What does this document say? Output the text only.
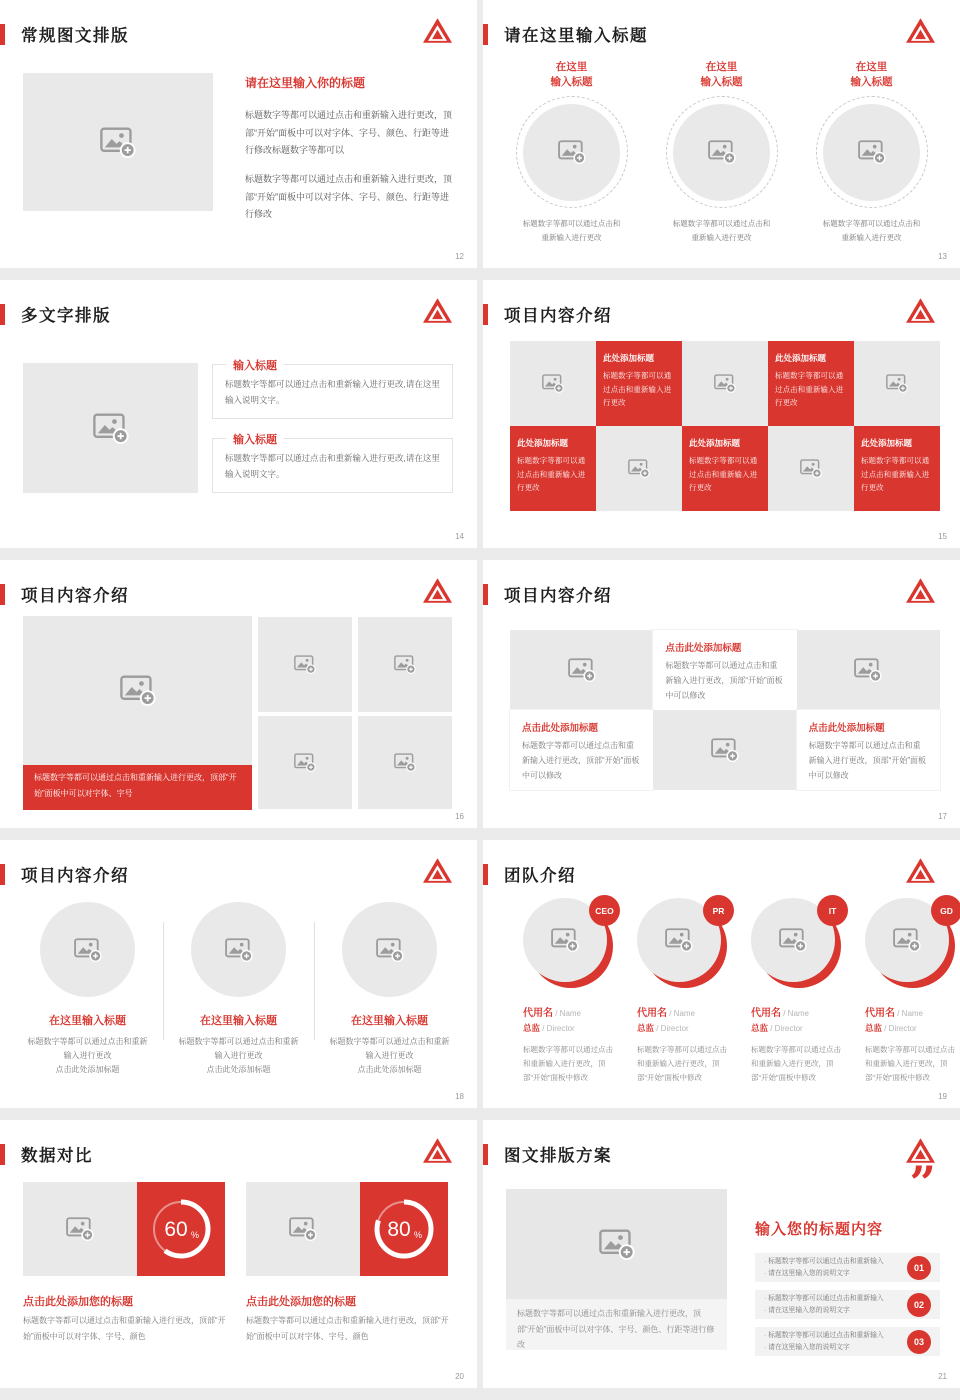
常规图文排版

请在这里输入你的标题

标题数字等都可以通过点击和重新输入进行更改，顶部“开始”面板中可以对字体、字号、颜色、行距等进行修改标题数字等都可以

标题数字等都可以通过点击和重新输入进行更改，顶部“开始”面板中可以对字体、字号、颜色、行距等进行修改

12
请在这里输入标题
在这里
输入标题
标题数字等都可以通过点击和重新输入进行更改
在这里
输入标题
标题数字等都可以通过点击和重新输入进行更改
在这里
输入标题
标题数字等都可以通过点击和重新输入进行更改
13
多文字排版
输入标题
标题数字等都可以通过点击和重新输入进行更改,请在这里输入说明文字。
输入标题
标题数字等都可以通过点击和重新输入进行更改,请在这里输入说明文字。
14
项目内容介绍
此处添加标题
标题数字等都可以通过点击和重新输入进行更改
此处添加标题
标题数字等都可以通过点击和重新输入进行更改
此处添加标题
标题数字等都可以通过点击和重新输入进行更改
此处添加标题
标题数字等都可以通过点击和重新输入进行更改
此处添加标题
标题数字等都可以通过点击和重新输入进行更改
15
项目内容介绍
标题数字等都可以通过点击和重新输入进行更改，顶部“开始”面板中可以对字体、字号
16
项目内容介绍
点击此处添加标题
标题数字等都可以通过点击和重新输入进行更改，顶部“开始”面板中可以修改
点击此处添加标题
标题数字等都可以通过点击和重新输入进行更改，顶部“开始”面板中可以修改
点击此处添加标题
标题数字等都可以通过点击和重新输入进行更改，顶部“开始”面板中可以修改
17
项目内容介绍
在这里输入标题
标题数字等都可以通过点击和重新输入进行更改
点击此处添加标题
在这里输入标题
标题数字等都可以通过点击和重新输入进行更改
点击此处添加标题
在这里输入标题
标题数字等都可以通过点击和重新输入进行更改
点击此处添加标题
18
团队介绍
CEO
代用名 / Name
总监 / Director
标题数字等都可以通过点击和重新输入进行更改，顶部“开始”面板中修改
PR
代用名 / Name
总监 / Director
标题数字等都可以通过点击和重新输入进行更改，顶部“开始”面板中修改
IT
代用名 / Name
总监 / Director
标题数字等都可以通过点击和重新输入进行更改，顶部“开始”面板中修改
GD
代用名 / Name
总监 / Director
标题数字等都可以通过点击和重新输入进行更改，顶部“开始”面板中修改
19
数据对比
60 %	80 %
点击此处添加您的标题	点击此处添加您的标题
标题数字等都可以通过点击和重新输入进行更改，顶部“开始”面板中可以对字体、字号、颜色
标题数字等都可以通过点击和重新输入进行更改，顶部“开始”面板中可以对字体、字号、颜色
20
图文排版方案	”
标题数字等都可以通过点击和重新输入进行更改，顶部“开始”面板中可以对字体、字号、颜色、行距等进行修改
输入您的标题内容
· 标题数字等都可以通过点击和重新输入
· 请在这里输入您的说明文字
01
· 标题数字等都可以通过点击和重新输入
· 请在这里输入您的说明文字
02
· 标题数字等都可以通过点击和重新输入
· 请在这里输入您的说明文字
03
21
